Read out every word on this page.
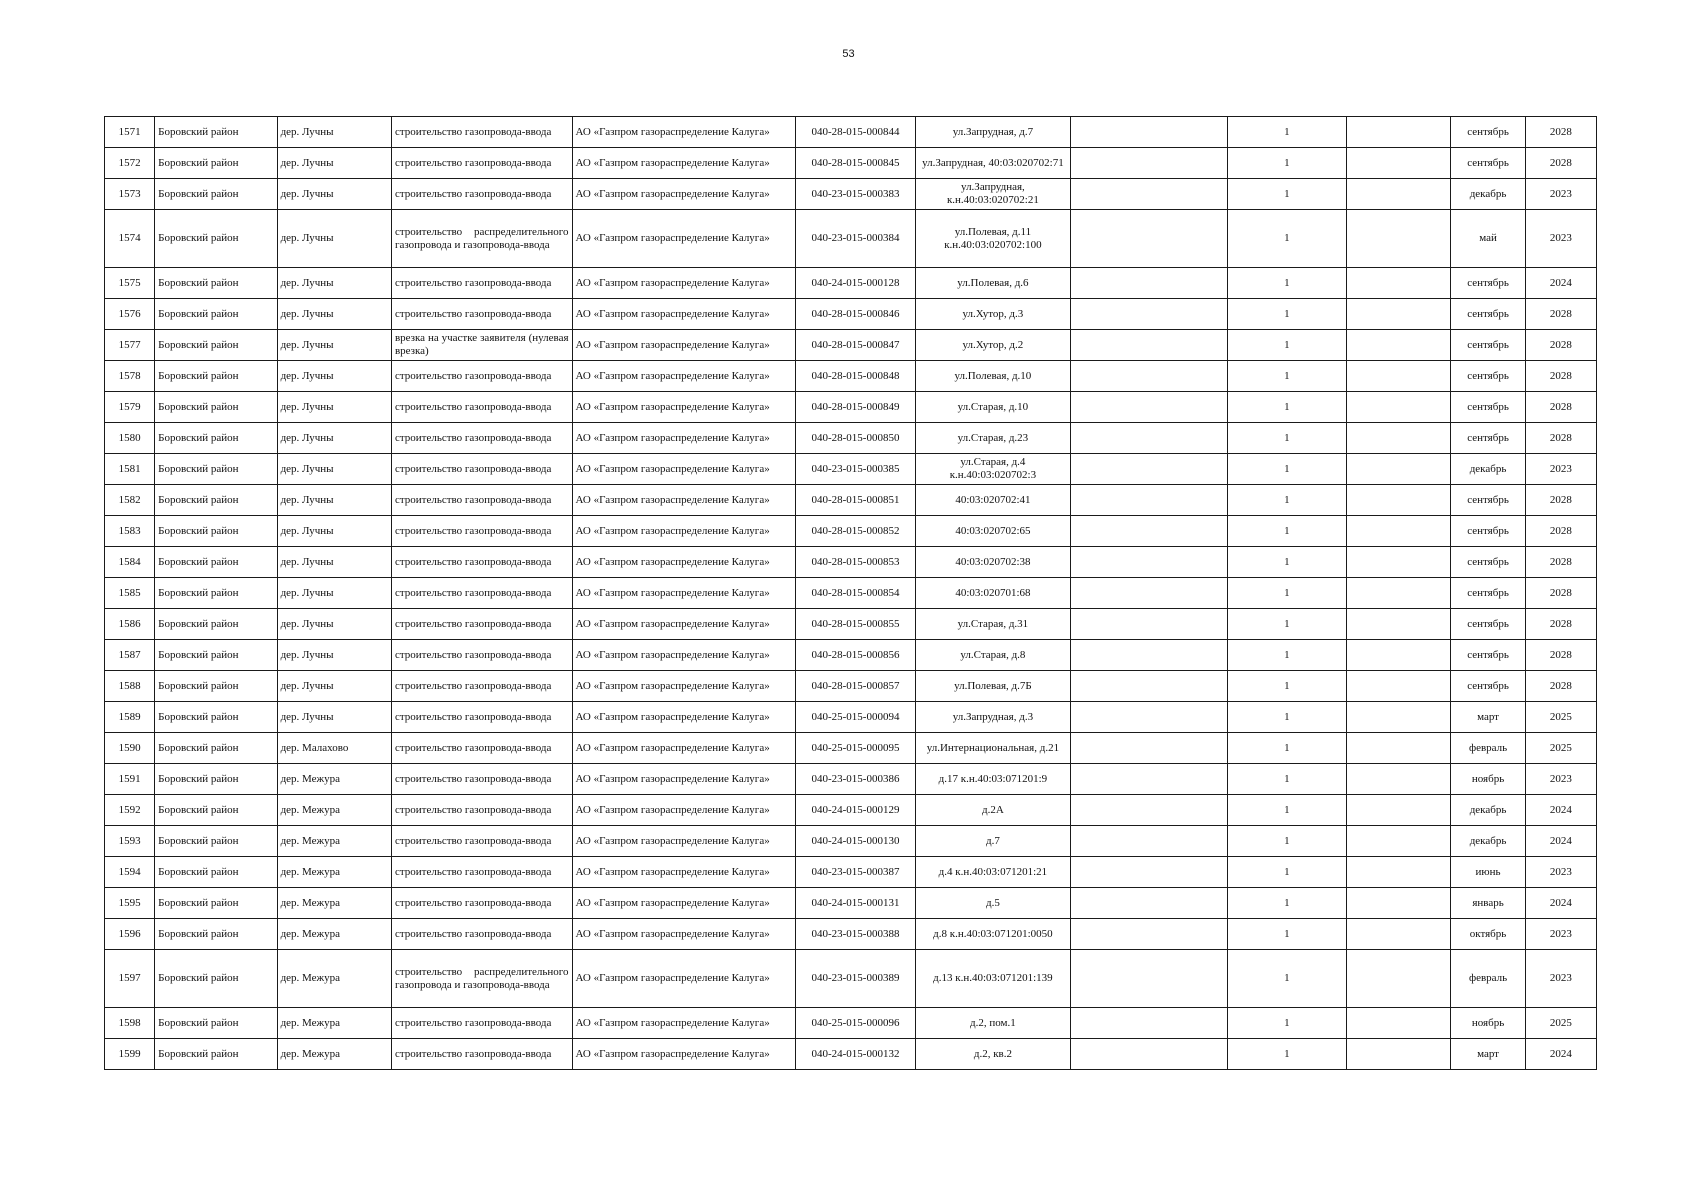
53
1571	Боровский район	дер. Лучны	строительство газопровода-ввода	АО «Газпром газораспределение Калуга»	040-28-015-000844	ул.Запрудная, д.7		1		сентябрь	2028
1572	Боровский район	дер. Лучны	строительство газопровода-ввода	АО «Газпром газораспределение Калуга»	040-28-015-000845	ул.Запрудная, 40:03:020702:71		1		сентябрь	2028
1573	Боровский район	дер. Лучны	строительство газопровода-ввода	АО «Газпром газораспределение Калуга»	040-23-015-000383	ул.Запрудная, к.н.40:03:020702:21		1		декабрь	2023
1574	Боровский район	дер. Лучны	строительство распределительного газопровода и газопровода-ввода	АО «Газпром газораспределение Калуга»	040-23-015-000384	ул.Полевая, д.11 к.н.40:03:020702:100		1		май	2023
1575	Боровский район	дер. Лучны	строительство газопровода-ввода	АО «Газпром газораспределение Калуга»	040-24-015-000128	ул.Полевая, д.6		1		сентябрь	2024
1576	Боровский район	дер. Лучны	строительство газопровода-ввода	АО «Газпром газораспределение Калуга»	040-28-015-000846	ул.Хутор, д.3		1		сентябрь	2028
1577	Боровский район	дер. Лучны	врезка на участке заявителя (нулевая врезка)	АО «Газпром газораспределение Калуга»	040-28-015-000847	ул.Хутор, д.2		1		сентябрь	2028
1578	Боровский район	дер. Лучны	строительство газопровода-ввода	АО «Газпром газораспределение Калуга»	040-28-015-000848	ул.Полевая, д.10		1		сентябрь	2028
1579	Боровский район	дер. Лучны	строительство газопровода-ввода	АО «Газпром газораспределение Калуга»	040-28-015-000849	ул.Старая, д.10		1		сентябрь	2028
1580	Боровский район	дер. Лучны	строительство газопровода-ввода	АО «Газпром газораспределение Калуга»	040-28-015-000850	ул.Старая, д.23		1		сентябрь	2028
1581	Боровский район	дер. Лучны	строительство газопровода-ввода	АО «Газпром газораспределение Калуга»	040-23-015-000385	ул.Старая, д.4 к.н.40:03:020702:3		1		декабрь	2023
1582	Боровский район	дер. Лучны	строительство газопровода-ввода	АО «Газпром газораспределение Калуга»	040-28-015-000851	40:03:020702:41		1		сентябрь	2028
1583	Боровский район	дер. Лучны	строительство газопровода-ввода	АО «Газпром газораспределение Калуга»	040-28-015-000852	40:03:020702:65		1		сентябрь	2028
1584	Боровский район	дер. Лучны	строительство газопровода-ввода	АО «Газпром газораспределение Калуга»	040-28-015-000853	40:03:020702:38		1		сентябрь	2028
1585	Боровский район	дер. Лучны	строительство газопровода-ввода	АО «Газпром газораспределение Калуга»	040-28-015-000854	40:03:020701:68		1		сентябрь	2028
1586	Боровский район	дер. Лучны	строительство газопровода-ввода	АО «Газпром газораспределение Калуга»	040-28-015-000855	ул.Старая, д.31		1		сентябрь	2028
1587	Боровский район	дер. Лучны	строительство газопровода-ввода	АО «Газпром газораспределение Калуга»	040-28-015-000856	ул.Старая, д.8		1		сентябрь	2028
1588	Боровский район	дер. Лучны	строительство газопровода-ввода	АО «Газпром газораспределение Калуга»	040-28-015-000857	ул.Полевая, д.7Б		1		сентябрь	2028
1589	Боровский район	дер. Лучны	строительство газопровода-ввода	АО «Газпром газораспределение Калуга»	040-25-015-000094	ул.Запрудная, д.3		1		март	2025
1590	Боровский район	дер. Малахово	строительство газопровода-ввода	АО «Газпром газораспределение Калуга»	040-25-015-000095	ул.Интернациональная, д.21		1		февраль	2025
1591	Боровский район	дер. Межура	строительство газопровода-ввода	АО «Газпром газораспределение Калуга»	040-23-015-000386	д.17 к.н.40:03:071201:9		1		ноябрь	2023
1592	Боровский район	дер. Межура	строительство газопровода-ввода	АО «Газпром газораспределение Калуга»	040-24-015-000129	д.2А		1		декабрь	2024
1593	Боровский район	дер. Межура	строительство газопровода-ввода	АО «Газпром газораспределение Калуга»	040-24-015-000130	д.7		1		декабрь	2024
1594	Боровский район	дер. Межура	строительство газопровода-ввода	АО «Газпром газораспределение Калуга»	040-23-015-000387	д.4 к.н.40:03:071201:21		1		июнь	2023
1595	Боровский район	дер. Межура	строительство газопровода-ввода	АО «Газпром газораспределение Калуга»	040-24-015-000131	д.5		1		январь	2024
1596	Боровский район	дер. Межура	строительство газопровода-ввода	АО «Газпром газораспределение Калуга»	040-23-015-000388	д.8 к.н.40:03:071201:0050		1		октябрь	2023
1597	Боровский район	дер. Межура	строительство распределительного газопровода и газопровода-ввода	АО «Газпром газораспределение Калуга»	040-23-015-000389	д.13 к.н.40:03:071201:139		1		февраль	2023
1598	Боровский район	дер. Межура	строительство газопровода-ввода	АО «Газпром газораспределение Калуга»	040-25-015-000096	д.2, пом.1		1		ноябрь	2025
1599	Боровский район	дер. Межура	строительство газопровода-ввода	АО «Газпром газораспределение Калуга»	040-24-015-000132	д.2, кв.2		1		март	2024
